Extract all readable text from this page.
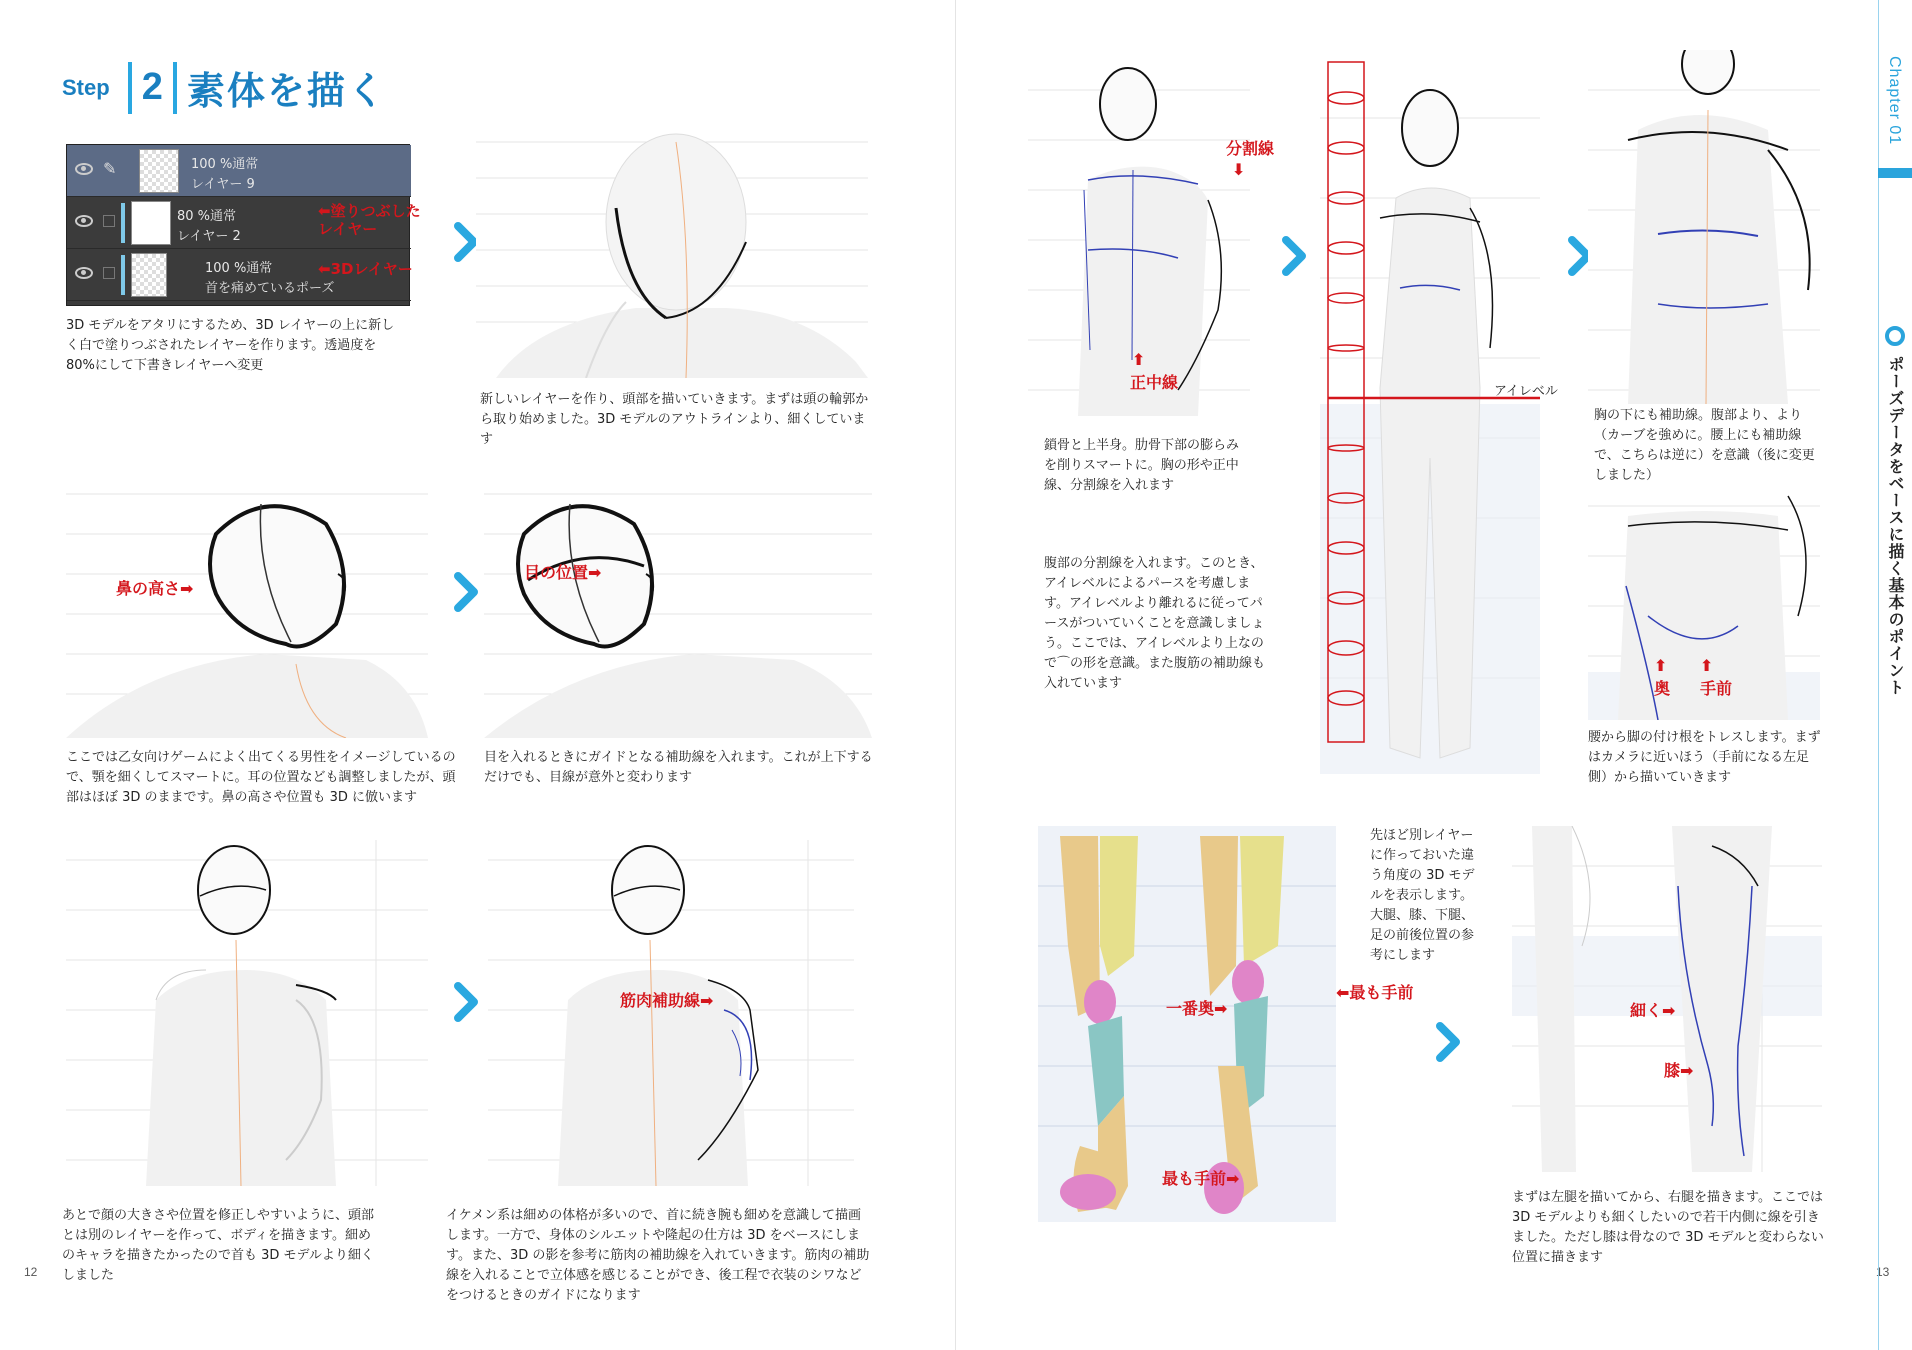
Step 2 素体を描く
✎	100 %通常
レイヤー 9
80 %通常
レイヤー 2
100 %通常
首を痛めているポーズ
⬅塗りつぶした
レイヤー
⬅3Dレイヤー
3D モデルをアタリにするため、3D レイヤーの上に新しく白で塗りつぶされたレイヤーを作ります。透過度を 80%にして下書きレイヤーへ変更
新しいレイヤーを作り、頭部を描いていきます。まずは頭の輪郭から取り始めました。3D モデルのアウトラインより、細くしています
鼻の高さ➡
目の位置➡
ここでは乙女向けゲームによく出てくる男性をイメージしているので、顎を細くしてスマートに。耳の位置なども調整しましたが、頭部はほぼ 3D のままです。鼻の高さや位置も 3D に倣います
目を入れるときにガイドとなる補助線を入れます。これが上下するだけでも、目線が意外と変わります
筋肉補助線➡
あとで顔の大きさや位置を修正しやすいように、頭部とは別のレイヤーを作って、ボディを描きます。細めのキャラを描きたかったので首も 3D モデルより細くしました
イケメン系は細めの体格が多いので、首に続き腕も細めを意識して描画します。一方で、身体のシルエットや隆起の仕方は 3D をベースにします。また、3D の影を参考に筋肉の補助線を入れていきます。筋肉の補助線を入れることで立体感を感じることができ、後工程で衣装のシワなどをつけるときのガイドになります
12
分割線
⬇
⬆
正中線
鎖骨と上半身。肋骨下部の膨らみを削りスマートに。胸の形や正中線、分割線を入れます
腹部の分割線を入れます。このとき、アイレベルによるパースを考慮します。アイレベルより離れるに従ってパースがついていくことを意識しましょう。ここでは、アイレベルより上なので⌒の形を意識。また腹筋の補助線も入れています
アイレベル
胸の下にも補助線。腹部より、より（カーブを強めに。腰上にも補助線で、こちらは逆に）を意識（後に変更しました）
⬆
奥
⬆
手前
腰から脚の付け根をトレスします。まずはカメラに近いほう（手前になる左足側）から描いていきます
一番奥➡
⬅最も手前
最も手前➡
先ほど別レイヤーに作っておいた違う角度の 3D モデルを表示します。大腿、膝、下腿、足の前後位置の参考にします
細く➡
膝➡
まずは左腿を描いてから、右腿を描きます。ここでは 3D モデルよりも細くしたいので若干内側に線を引きました。ただし膝は骨なので 3D モデルと変わらない位置に描きます
13
Chapter 01
ポーズデータをベースに描く基本のポイント
